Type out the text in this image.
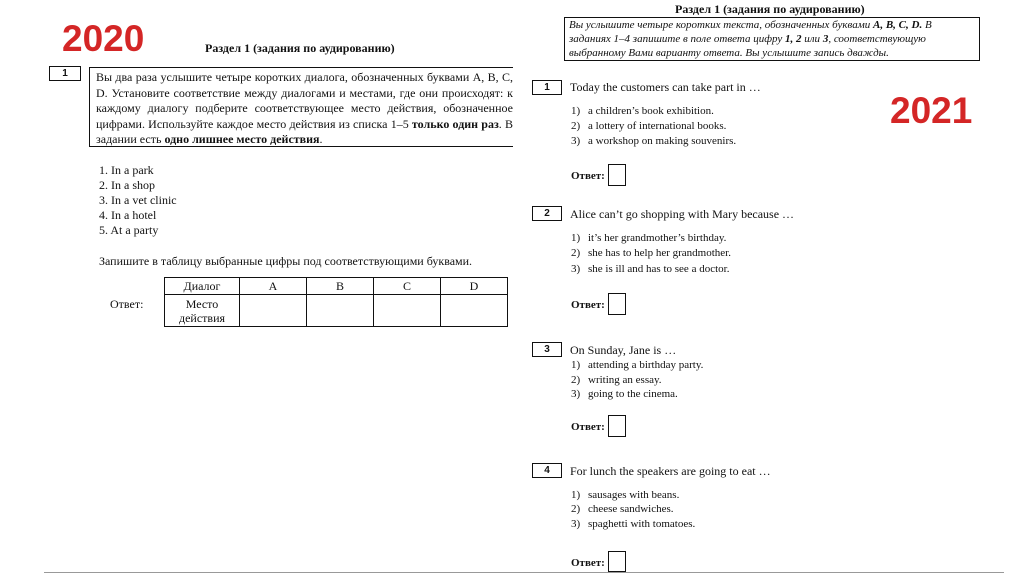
2020
2021
Раздел 1 (задания по аудированию)
1	Вы два раза услышите четыре коротких диалога, обозначенных буквами A, B, C, D. Установите соответствие между диалогами и местами, где они происходят: к каждому диалогу подберите соответствующее место действия, обозначенное цифрами. Используйте каждое место действия из списка 1–5 только один раз. В задании есть одно лишнее место действия.
1. In a park
2. In a shop
3. In a vet clinic
4. In a hotel
5. At a party
Запишите в таблицу выбранные цифры под соответствующими буквами.
Ответ:
Диалог	A	B	C	D
Место
действия				
Раздел 1 (задания по аудированию)
Вы услышите четыре коротких текста, обозначенных буквами A, B, C, D. В заданиях 1–4 запишите в поле ответа цифру 1, 2 или 3, соответствующую выбранному Вами варианту ответа. Вы услышите запись дважды.
1	Today the customers can take part in …
1) a children’s book exhibition.
2) a lottery of international books.
3) a workshop on making souvenirs.
Ответ:
2	Alice can’t go shopping with Mary because …
1) it’s her grandmother’s birthday.
2) she has to help her grandmother.
3) she is ill and has to see a doctor.
Ответ:
3	On Sunday, Jane is …
1) attending a birthday party.
2) writing an essay.
3) going to the cinema.
Ответ:
4	For lunch the speakers are going to eat …
1) sausages with beans.
2) cheese sandwiches.
3) spaghetti with tomatoes.
Ответ:
